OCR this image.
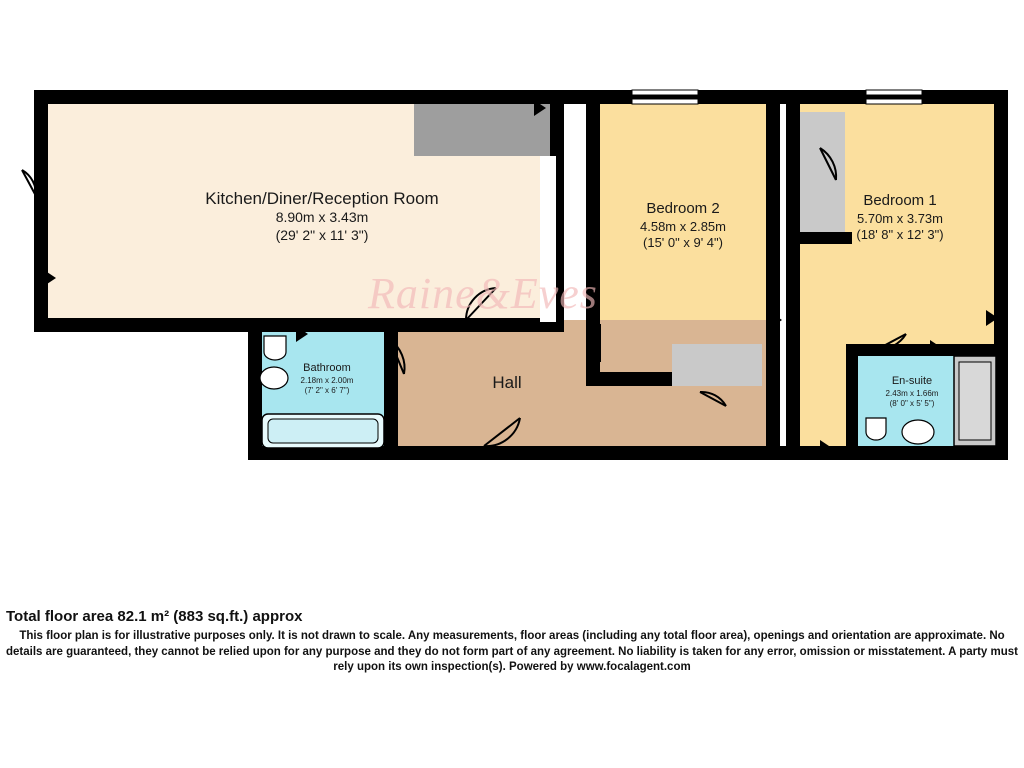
Raine&Eves
Kitchen/Diner/Reception Room
8.90m x 3.43m
(29' 2" x 11' 3")
Bedroom 2
4.58m x 2.85m
(15' 0" x 9' 4")
Bedroom 1
5.70m x 3.73m
(18' 8" x 12' 3")
Bathroom
2.18m x 2.00m
(7' 2" x 6' 7")
En-suite
2.43m x 1.66m
(8' 0" x 5' 5")
Hall

Total floor area 82.1 m² (883 sq.ft.) approx

This floor plan is for illustrative purposes only. It is not drawn to scale. Any measurements, floor areas (including any total floor area), openings and orientation are approximate. No details are guaranteed, they cannot be relied upon for any purpose and they do not form part of any agreement. No liability is taken for any error, omission or misstatement. A party must rely upon its own inspection(s). Powered by www.focalagent.com
